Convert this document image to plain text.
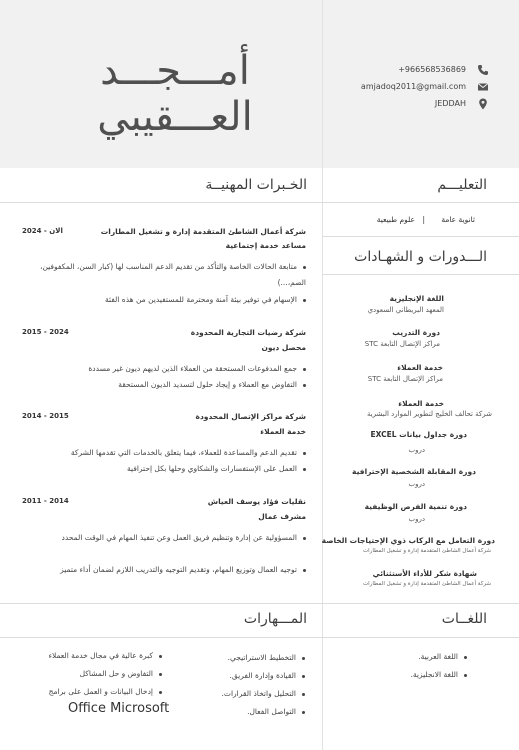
أمـــجـــد العـــقيبي
+966568536869
amjadoq2011@gmail.com
JEDDAH
التعليـــم
ثانوية عامة
|
علوم طبيعية
الـــدورات و الشهـادات
اللغة الإنجليزية
المعهد البريطاني السعودي
دورة التدريب
مراكز الإتصال التابعة STC
خدمة العملاء
مراكز الإتصال التابعة STC
خدمة العملاء
شركة تحالف الخليج لتطوير الموارد البشرية
دورة جداول بيانات EXCEL
دروب
دورة المقابلة الشخصية الإحترافية
دروب
دورة تنمية الفرص الوظيفية
دروب
دورة التعامل مع الركاب ذوي الإحتياجات الخاصة
شركة أعمال الشاطئ المتقدمة إدارة و تشغيل المطارات
شهادة شكر للأداء الأستثنائي
شركة أعمال الشاطئ المتقدمة إدارة و تشغيل المطارات
الخـبرات المهنيــة
شركة أعمال الشاطئ المتقدمة إدارة و تشغيل المطارات
2024 - الان
مساعد خدمة إجتماعية
متابعة الحالات الخاصة والتأكد من تقديم الدعم المناسب لها (كبار السن، المكفوفين، الصم،...)
الإسهام في توفير بيئة آمنة ومحترمة للمستفيدين من هذه الفئة
شركة رضيات التجارية المحدودة
2015 - 2024
محصل ديون
جمع المدفوعات المستحقة من العملاء الذين لديهم ديون غير مسددة
التفاوض مع العملاء و إيجاد حلول لتسديد الديون المستحقة
شركة مراكز الإتصال المحدودة
2014 - 2015
خدمة العملاء
تقديم الدعم والمساعدة للعملاء، فيما يتعلق بالخدمات التي تقدمها الشركة
العمل على الإستفسارات والشكاوي وحلها بكل إحترافية
نقليات فؤاد يوسف العياش
2011 - 2014
مشرف عمال
المسؤولية عن إدارة وتنظيم فريق العمل وعن تنفيذ المهام في الوقت المحدد
توجيه العمال وتوزيع المهام، وتقديم التوجيه والتدريب اللازم لضمان أداء متميز
اللغــات
اللغة العربية.
اللغة الانجليزية.
المـــهارات
كبرة عالية في مجال خدمة العملاء
التفاوض و حل المشاكل
إدخال البيانات و العمل على برامج
Office Microsoft
التخطيط الاستراتيجي.
القيادة وإدارة الفريق.
التحليل واتخاذ القرارات.
التواصل الفعال.
